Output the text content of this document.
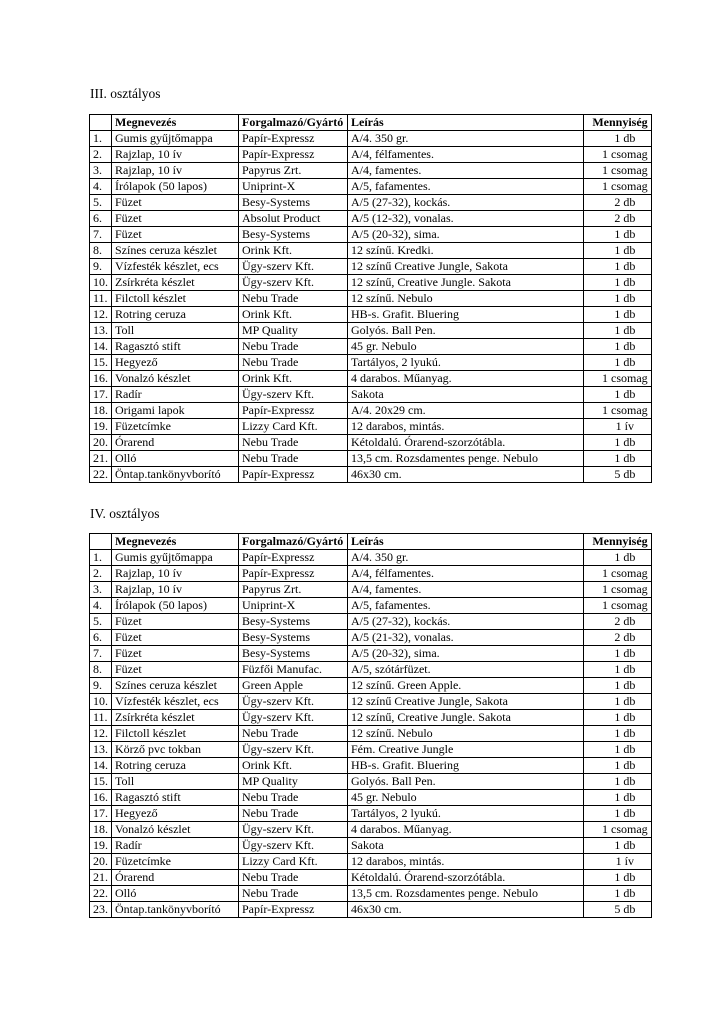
III. osztályos
	Megnevezés	Forgalmazó/Gyártó	Leírás	Mennyiség
1.	Gumis gyűjtőmappa	Papír-Expressz	A/4. 350 gr.	1 db
2.	Rajzlap, 10 ív	Papír-Expressz	A/4, félfamentes.	1 csomag
3.	Rajzlap, 10 ív	Papyrus Zrt.	A/4, famentes.	1 csomag
4.	Írólapok (50 lapos)	Uniprint-X	A/5, fafamentes.	1 csomag
5.	Füzet	Besy-Systems	A/5 (27-32), kockás.	2 db
6.	Füzet	Absolut Product	A/5 (12-32), vonalas.	2 db
7.	Füzet	Besy-Systems	A/5 (20-32), sima.	1 db
8.	Színes ceruza készlet	Orink Kft.	12 színű. Kredki.	1 db
9.	Vízfesték készlet, ecs	Ügy-szerv Kft.	12 színű Creative Jungle, Sakota	1 db
10.	Zsírkréta készlet	Ügy-szerv Kft.	12 színű, Creative Jungle. Sakota	1 db
11.	Filctoll készlet	Nebu Trade	12 színű. Nebulo	1 db
12.	Rotring ceruza	Orink Kft.	HB-s. Grafit. Bluering	1 db
13.	Toll	MP Quality	Golyós. Ball Pen.	1 db
14.	Ragasztó stift	Nebu Trade	45 gr. Nebulo	1 db
15.	Hegyező	Nebu Trade	Tartályos, 2 lyukú.	1 db
16.	Vonalzó készlet	Orink Kft.	4 darabos. Műanyag.	1 csomag
17.	Radír	Ügy-szerv Kft.	Sakota	1 db
18.	Origami lapok	Papír-Expressz	A/4. 20x29 cm.	1 csomag
19.	Füzetcímke	Lizzy Card Kft.	12 darabos, mintás.	1 ív
20.	Órarend	Nebu Trade	Kétoldalú. Órarend-szorzótábla.	1 db
21.	Olló	Nebu Trade	13,5 cm. Rozsdamentes penge. Nebulo	1 db
22.	Öntap.tankönyvborító	Papír-Expressz	46x30 cm.	5 db
IV. osztályos
	Megnevezés	Forgalmazó/Gyártó	Leírás	Mennyiség
1.	Gumis gyűjtőmappa	Papír-Expressz	A/4. 350 gr.	1 db
2.	Rajzlap, 10 ív	Papír-Expressz	A/4, félfamentes.	1 csomag
3.	Rajzlap, 10 ív	Papyrus Zrt.	A/4, famentes.	1 csomag
4.	Írólapok (50 lapos)	Uniprint-X	A/5, fafamentes.	1 csomag
5.	Füzet	Besy-Systems	A/5 (27-32), kockás.	2 db
6.	Füzet	Besy-Systems	A/5 (21-32), vonalas.	2 db
7.	Füzet	Besy-Systems	A/5 (20-32), sima.	1 db
8.	Füzet	Füzfői Manufac.	A/5, szótárfüzet.	1 db
9.	Színes ceruza készlet	Green Apple	12 színű. Green Apple.	1 db
10.	Vízfesték készlet, ecs	Ügy-szerv Kft.	12 színű Creative Jungle, Sakota	1 db
11.	Zsírkréta készlet	Ügy-szerv Kft.	12 színű, Creative Jungle. Sakota	1 db
12.	Filctoll készlet	Nebu Trade	12 színű. Nebulo	1 db
13.	Körző pvc tokban	Ügy-szerv Kft.	Fém. Creative Jungle	1 db
14.	Rotring ceruza	Orink Kft.	HB-s. Grafit. Bluering	1 db
15.	Toll	MP Quality	Golyós. Ball Pen.	1 db
16.	Ragasztó stift	Nebu Trade	45 gr. Nebulo	1 db
17.	Hegyező	Nebu Trade	Tartályos, 2 lyukú.	1 db
18.	Vonalzó készlet	Ügy-szerv Kft.	4 darabos. Műanyag.	1 csomag
19.	Radír	Ügy-szerv Kft.	Sakota	1 db
20.	Füzetcímke	Lizzy Card Kft.	12 darabos, mintás.	1 ív
21.	Órarend	Nebu Trade	Kétoldalú. Órarend-szorzótábla.	1 db
22.	Olló	Nebu Trade	13,5 cm. Rozsdamentes penge. Nebulo	1 db
23.	Öntap.tankönyvborító	Papír-Expressz	46x30 cm.	5 db
